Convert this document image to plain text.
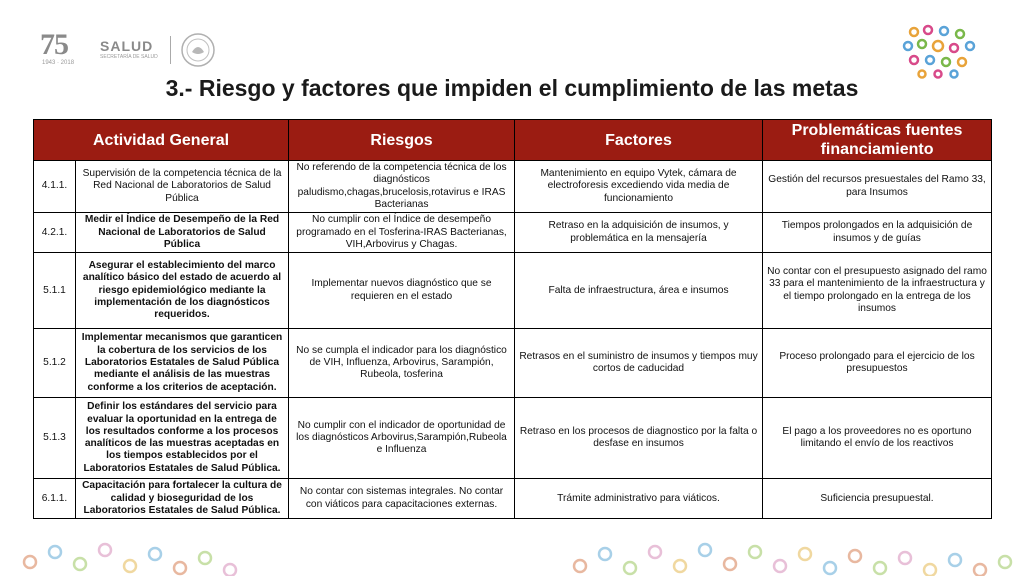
75
1943 · 2018
SALUD
SECRETARÍA DE SALUD
3.- Riesgo y factores que impiden el cumplimiento de las metas
Actividad General		Riesgos	Factores	Problemáticas fuentes financiamiento
4.1.1.	Supervisión de la competencia técnica de la Red Nacional de Laboratorios de Salud Pública	No referendo de la competencia técnica de los diagnósticos paludismo,chagas,brucelosis,rotavirus e IRAS Bacterianas	Mantenimiento en equipo Vytek, cámara de electroforesis excediendo vida media de funcionamiento	Gestión del recursos presuestales del Ramo 33, para Insumos
4.2.1.	Medir el Índice de Desempeño de la Red Nacional de Laboratorios de Salud Pública	No cumplir con el Índice de desempeño programado en el Tosferina-IRAS Bacterianas, VIH,Arbovirus y Chagas.	Retraso en la adquisición de insumos, y problemática en la mensajería	Tiempos prolongados en la adquisición de insumos y de guías
5.1.1	Asegurar el establecimiento del marco analítico básico del estado de acuerdo al riesgo epidemiológico mediante la implementación de los diagnósticos requeridos.	Implementar nuevos diagnóstico que se requieren en el estado	Falta de infraestructura, área e insumos	No contar con el presupuesto asignado del ramo 33 para el mantenimiento de la infraestructura y el tiempo prolongado en la entrega de los insumos
5.1.2	Implementar mecanismos que garanticen la cobertura de los servicios de los Laboratorios Estatales de Salud Pública mediante el análisis de las muestras conforme a los criterios de aceptación.	No se cumpla el indicador para los diagnóstico de VIH, Influenza, Arbovirus, Sarampión, Rubeola, tosferina	Retrasos en el suministro de insumos y tiempos muy cortos de caducidad	Proceso prolongado para el ejercicio de los presupuestos
5.1.3	Definir los estándares del servicio para evaluar la oportunidad en la entrega de los resultados conforme a los procesos analíticos de las muestras aceptadas en los tiempos establecidos por el Laboratorios Estatales de Salud Pública.	No cumplir con el indicador de oportunidad de los diagnósticos Arbovirus,Sarampión,Rubeola e Influenza	Retraso en los procesos de diagnostico por la falta o desfase en insumos	El pago a los proveedores no es oportuno limitando el envío de los reactivos
6.1.1.	Capacitación para fortalecer la cultura de calidad y bioseguridad de los Laboratorios Estatales de Salud Pública.	No contar con sistemas integrales. No contar con viáticos para capacitaciones externas.	Trámite administrativo para viáticos.	Suficiencia presupuestal.
